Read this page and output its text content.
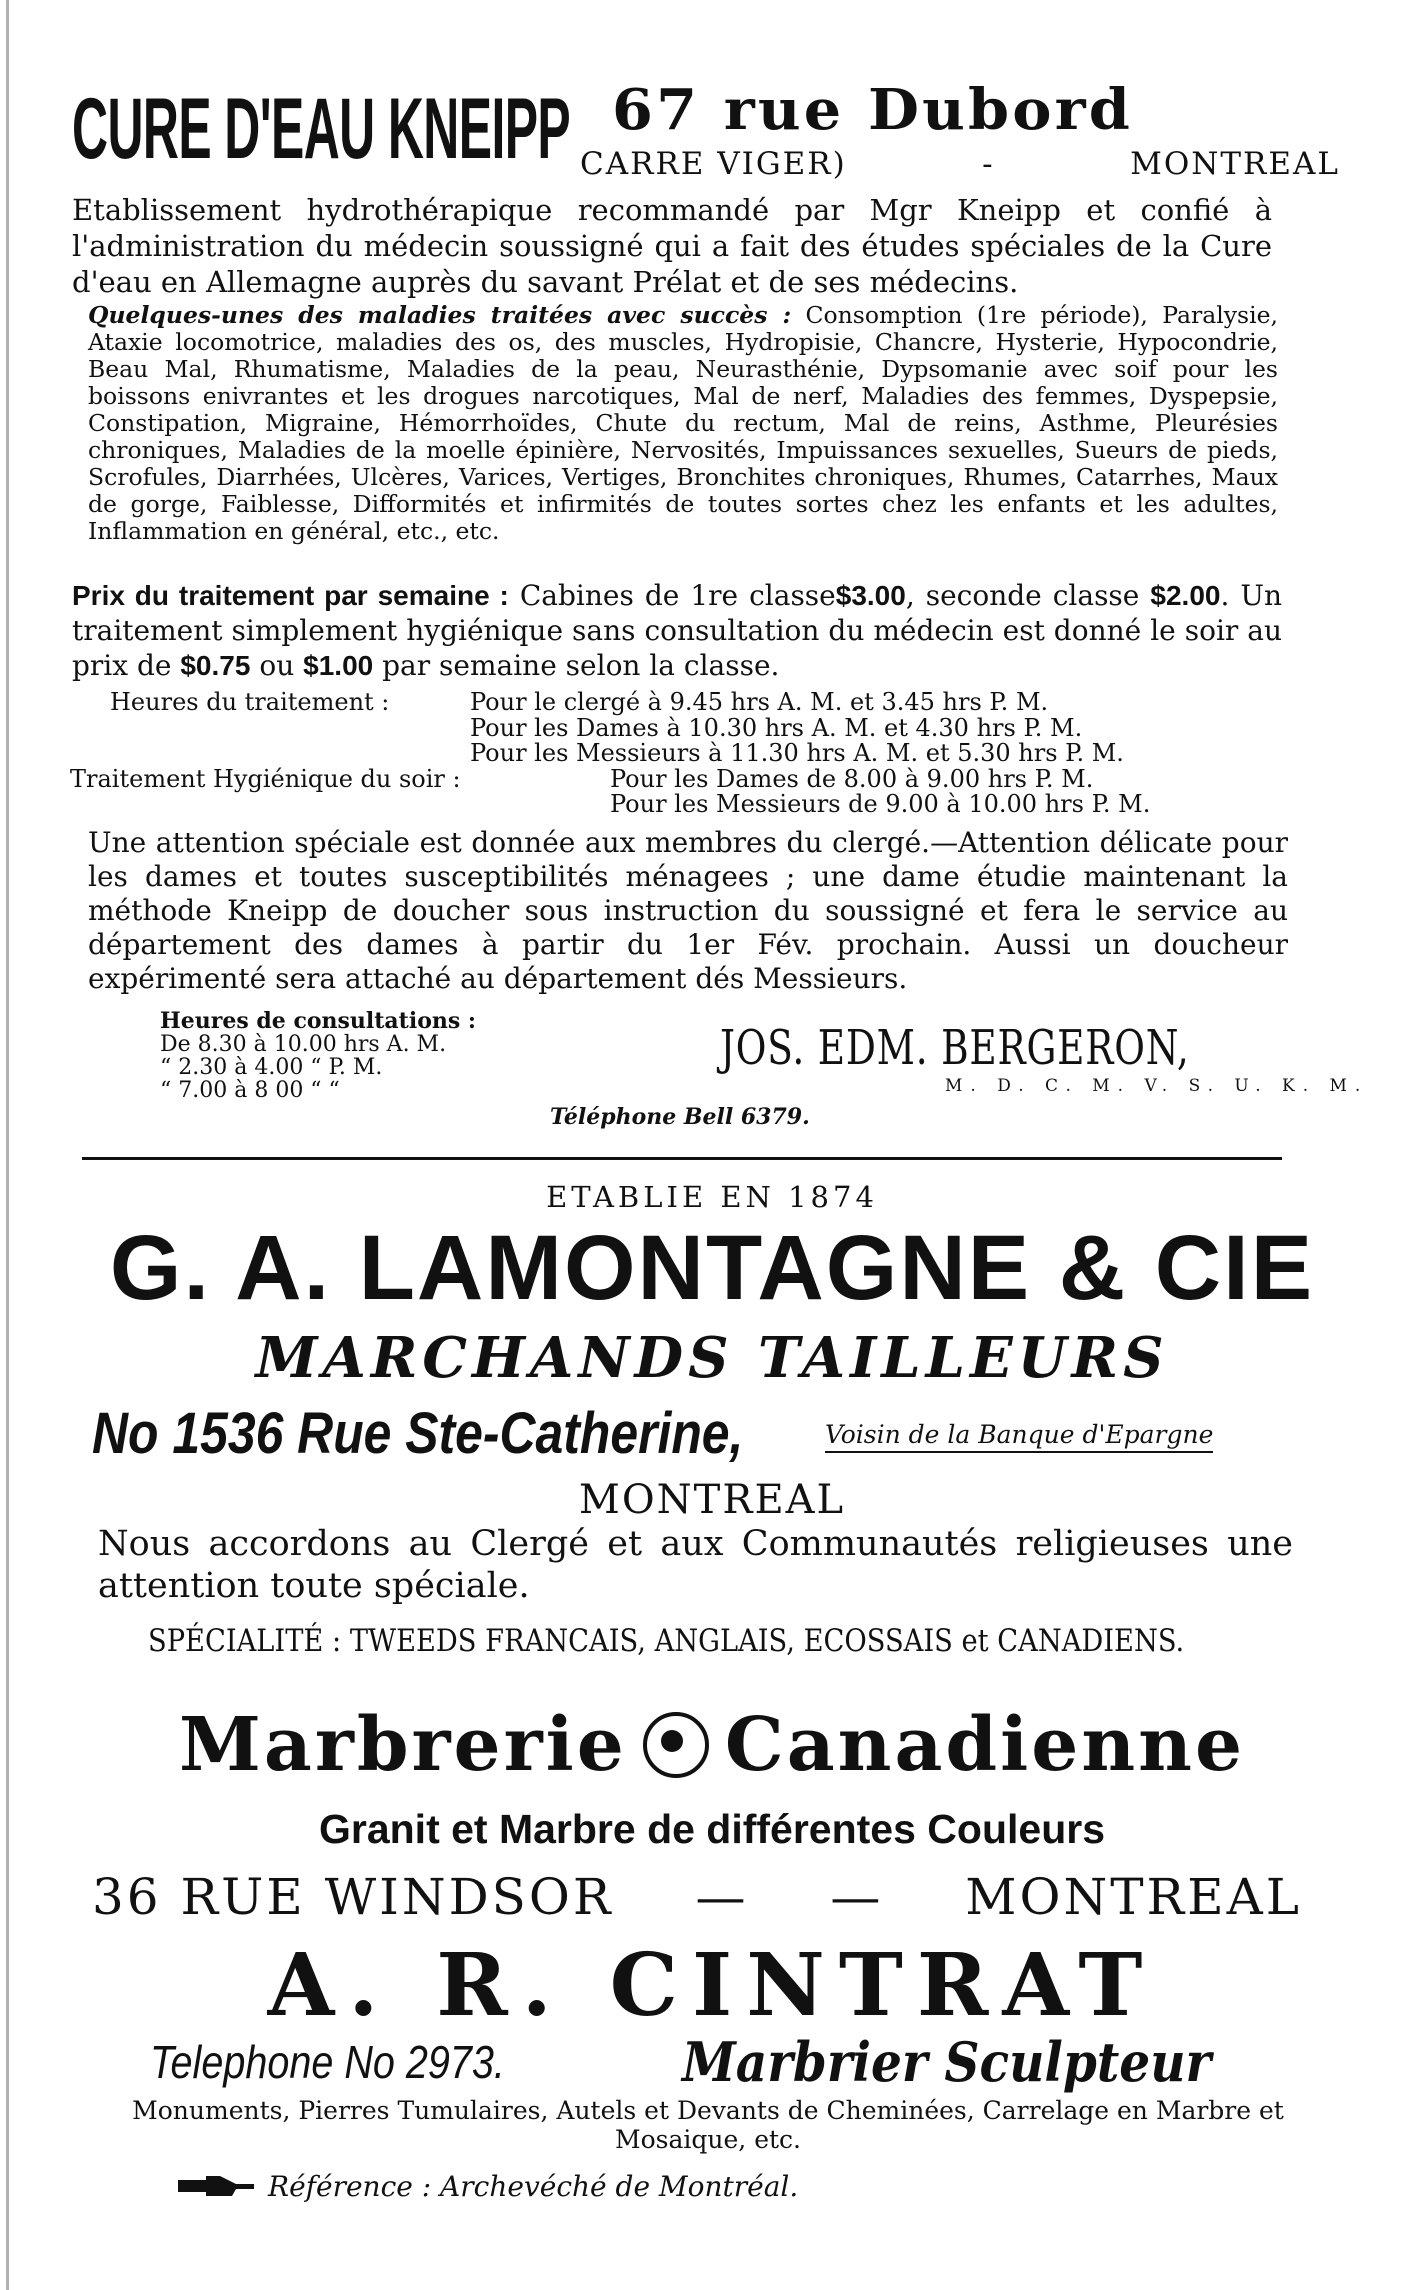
CURE D'EAU KNEIPP 67 rue Dubord
CARRE VIGER)	-	MONTREAL
Etablissement hydrothérapique recommandé par Mgr Kneipp et confié à l'administration du médecin soussigné qui a fait des études spéciales de la Cure d'eau en Allemagne auprès du savant Prélat et de ses médecins.
Quelques-unes des maladies traitées avec succès : Consomption (1re période), Paralysie, Ataxie locomotrice, maladies des os, des muscles, Hydropisie, Chancre, Hysterie, Hypocondrie, Beau Mal, Rhumatisme, Maladies de la peau, Neurasthénie, Dypsomanie avec soif pour les boissons enivrantes et les drogues narcotiques, Mal de nerf, Maladies des femmes, Dyspepsie, Constipation, Migraine, Hémorrhoïdes, Chute du rectum, Mal de reins, Asthme, Pleurésies chroniques, Maladies de la moelle épinière, Nervosités, Impuissances sexuelles, Sueurs de pieds, Scrofules, Diarrhées, Ulcères, Varices, Vertiges, Bronchites chroniques, Rhumes, Catarrhes, Maux de gorge, Faiblesse, Difformités et infirmités de toutes sortes chez les enfants et les adultes, Inflammation en général, etc., etc.
Prix du traitement par semaine : Cabines de 1re classe$3.00, seconde classe $2.00. Un traitement simplement hygiénique sans consultation du médecin est donné le soir au prix de $0.75 ou $1.00 par semaine selon la classe.
Heures du traitement :	Pour le clergé à 9.45 hrs A. M. et 3.45 hrs P. M.
Pour les Dames à 10.30 hrs A. M. et 4.30 hrs P. M.
Pour les Messieurs à 11.30 hrs A. M. et 5.30 hrs P. M.
Traitement Hygiénique du soir :	Pour les Dames de 8.00 à 9.00 hrs P. M.
Pour les Messieurs de 9.00 à 10.00 hrs P. M.
Une attention spéciale est donnée aux membres du clergé.—Attention délicate pour les dames et toutes susceptibilités ménagees ; une dame étudie maintenant la méthode Kneipp de doucher sous instruction du soussigné et fera le service au département des dames à partir du 1er Fév. prochain. Aussi un doucheur expérimenté sera attaché au département dés Messieurs.
Heures de consultations :
De 8.30 à 10.00 hrs A. M.
“ 2.30 à 4.00 “ P. M.
“ 7.00 à 8 00 “ “
JOS. EDM. BERGERON,
M. D. C. M. V. S. U. K. M.
Téléphone Bell 6379.
ETABLIE EN 1874
G. A. LAMONTAGNE & CIE
MARCHANDS TAILLEURS
No 1536 Rue Ste-Catherine,	Voisin de la Banque d'Epargne
MONTREAL
Nous accordons au Clergé et aux Communautés religieuses une attention toute spéciale.
SPÉCIALITÉ : TWEEDS FRANCAIS, ANGLAIS, ECOSSAIS et CANADIENS.
Marbrerie Canadienne
Granit et Marbre de différentes Couleurs
36 RUE WINDSOR — — MONTREAL
A. R. CINTRAT
Telephone No 2973.	Marbrier Sculpteur
Monuments, Pierres Tumulaires, Autels et Devants de Cheminées, Carrelage en Marbre et Mosaique, etc.
Référence : Archevéché de Montréal.
